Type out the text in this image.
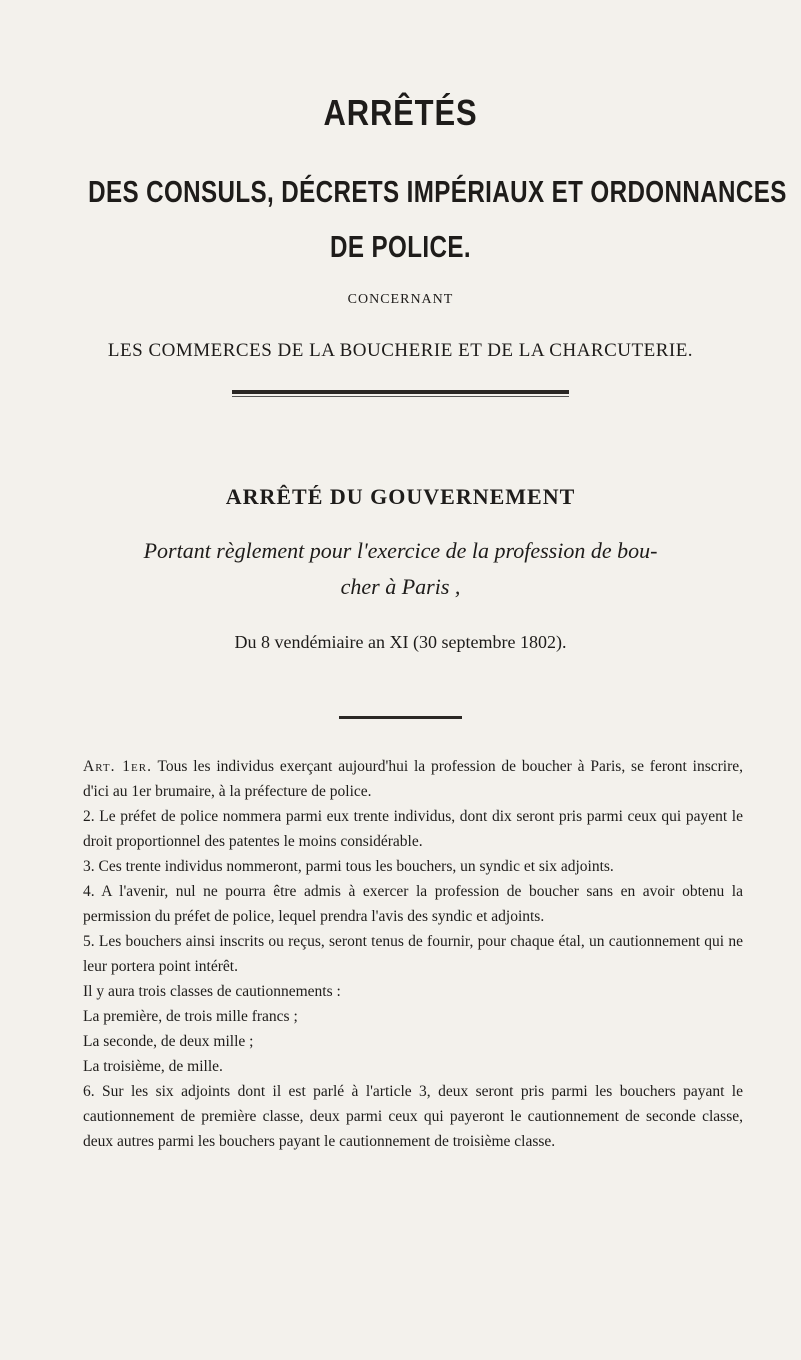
ARRÊTÉS
DES CONSULS, DÉCRETS IMPÉRIAUX ET ORDONNANCES
DE POLICE.
CONCERNANT
LES COMMERCES DE LA BOUCHERIE ET DE LA CHARCUTERIE.
ARRÊTÉ DU GOUVERNEMENT
Portant règlement pour l'exercice de la profession de bou-
cher à Paris ,
Du 8 vendémiaire an XI (30 septembre 1802).

Art. 1er. Tous les individus exerçant aujourd'hui la profession de boucher à Paris, se feront inscrire, d'ici au 1er brumaire, à la préfecture de police.

2. Le préfet de police nommera parmi eux trente individus, dont dix seront pris parmi ceux qui payent le droit proportionnel des patentes le moins considérable.

3. Ces trente individus nommeront, parmi tous les bouchers, un syndic et six adjoints.

4. A l'avenir, nul ne pourra être admis à exercer la profession de boucher sans en avoir obtenu la permission du préfet de police, lequel prendra l'avis des syndic et adjoints.

5. Les bouchers ainsi inscrits ou reçus, seront tenus de fournir, pour chaque étal, un cautionnement qui ne leur portera point intérêt.

Il y aura trois classes de cautionnements :

La première, de trois mille francs ;

La seconde, de deux mille ;

La troisième, de mille.

6. Sur les six adjoints dont il est parlé à l'article 3, deux seront pris parmi les bouchers payant le cautionnement de première classe, deux parmi ceux qui payeront le cautionnement de seconde classe, deux autres parmi les bouchers payant le cautionnement de troisième classe.
